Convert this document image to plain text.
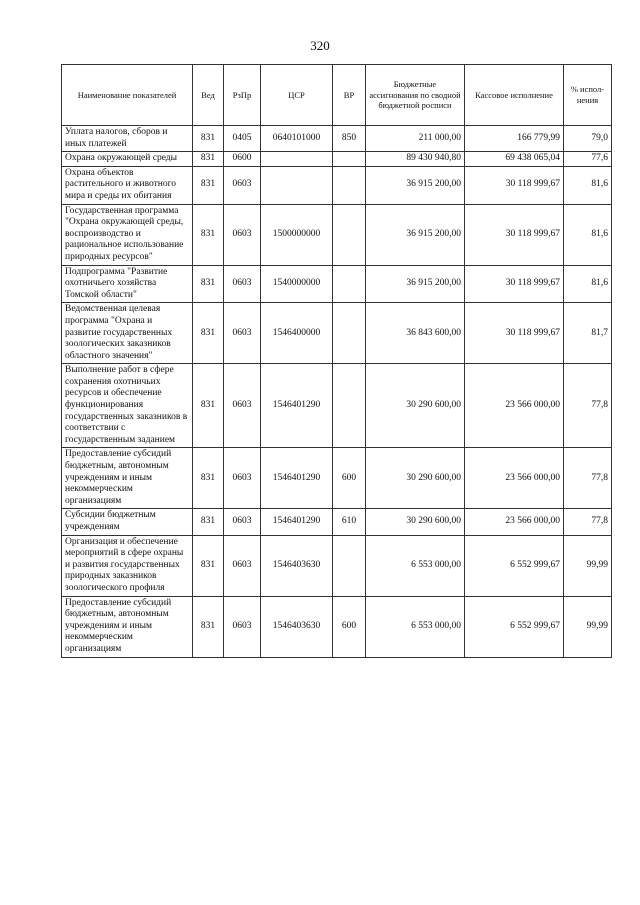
320
Наименование показателей	Вед	РзПр	ЦСР	ВР	Бюджетные ассигнования по сводной бюджетной росписи	Кассовое исполнение	% испол-нения
Уплата налогов, сборов и иных платежей	831	0405	0640101000	850	211 000,00	166 779,99	79,0
Охрана окружающей среды	831	0600			89 430 940,80	69 438 065,04	77,6
Охрана объектов растительного и животного мира и среды их обитания	831	0603			36 915 200,00	30 118 999,67	81,6
Государственная программа "Охрана окружающей среды, воспроизводство и рациональное использование природных ресурсов"	831	0603	1500000000		36 915 200,00	30 118 999,67	81,6
Подпрограмма "Развитие охотничьего хозяйства Томской области"	831	0603	1540000000		36 915 200,00	30 118 999,67	81,6
Ведомственная целевая программа "Охрана и развитие государственных зоологических заказников областного значения"	831	0603	1546400000		36 843 600,00	30 118 999,67	81,7
Выполнение работ в сфере сохранения охотничьих ресурсов и обеспечение функционирования государственных заказников в соответствии с государственным заданием	831	0603	1546401290		30 290 600,00	23 566 000,00	77,8
Предоставление субсидий бюджетным, автономным учреждениям и иным некоммерческим организациям	831	0603	1546401290	600	30 290 600,00	23 566 000,00	77,8
Субсидии бюджетным учреждениям	831	0603	1546401290	610	30 290 600,00	23 566 000,00	77,8
Организация и обеспечение мероприятий в сфере охраны и развития государственных природных заказников зоологического профиля	831	0603	1546403630		6 553 000,00	6 552 999,67	99,99
Предоставление субсидий бюджетным, автономным учреждениям и иным некоммерческим организациям	831	0603	1546403630	600	6 553 000,00	6 552 999,67	99,99
